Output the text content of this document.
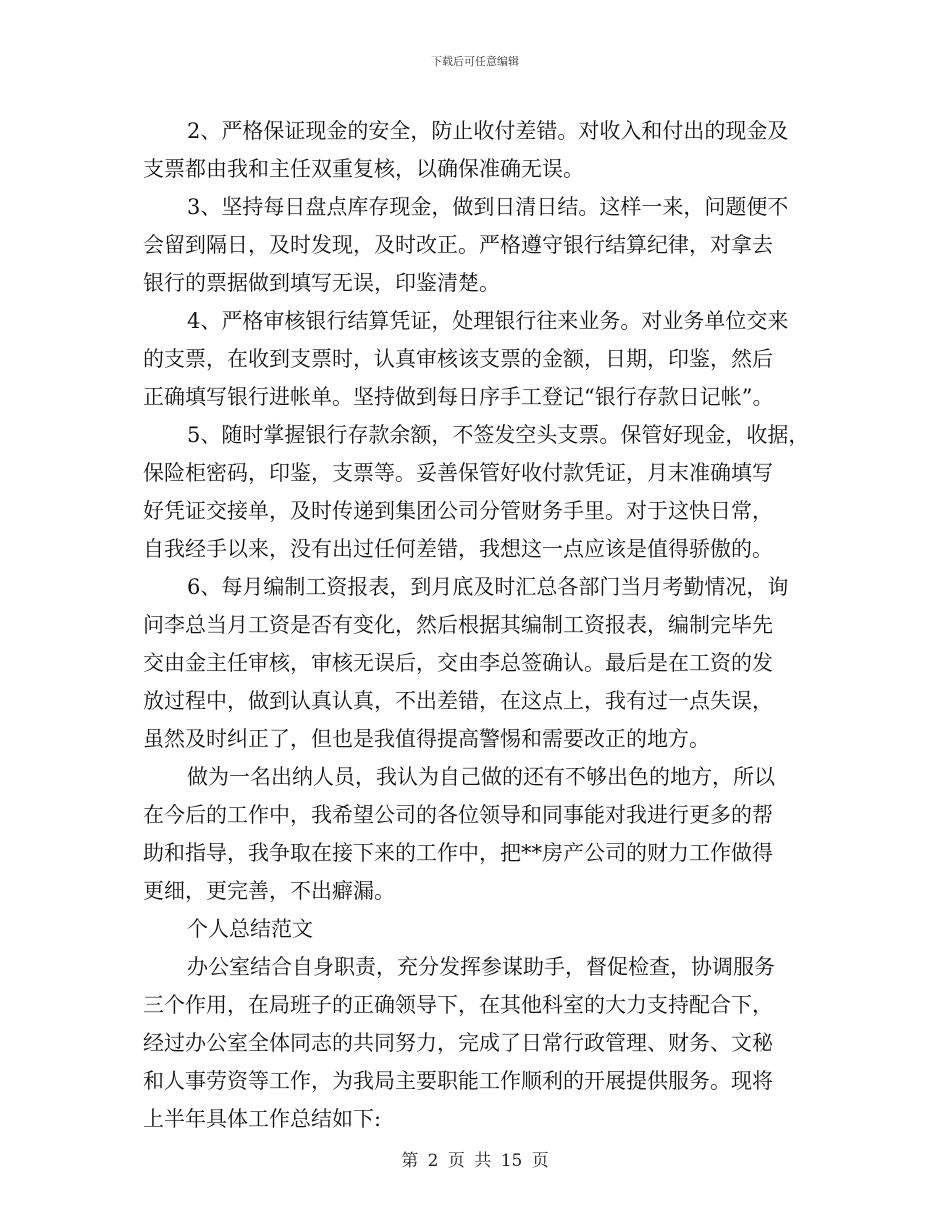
下载后可任意编辑
2、严格保证现金的安全，防止收付差错。对收入和付出的现金及
支票都由我和主任双重复核，以确保准确无误。
3、坚持每日盘点库存现金，做到日清日结。这样一来，问题便不
会留到隔日，及时发现，及时改正。严格遵守银行结算纪律，对拿去
银行的票据做到填写无误，印鉴清楚。
4、严格审核银行结算凭证，处理银行往来业务。对业务单位交来
的支票，在收到支票时，认真审核该支票的金额，日期，印鉴，然后
正确填写银行进帐单。坚持做到每日序手工登记“银行存款日记帐”。
5、随时掌握银行存款余额，不签发空头支票。保管好现金，收据，
保险柜密码，印鉴，支票等。妥善保管好收付款凭证，月末准确填写
好凭证交接单，及时传递到集团公司分管财务手里。对于这快日常，
自我经手以来，没有出过任何差错，我想这一点应该是值得骄傲的。
6、每月编制工资报表，到月底及时汇总各部门当月考勤情况，询
问李总当月工资是否有变化，然后根据其编制工资报表，编制完毕先
交由金主任审核，审核无误后，交由李总签确认。最后是在工资的发
放过程中，做到认真认真，不出差错，在这点上，我有过一点失误，
虽然及时纠正了，但也是我值得提高警惕和需要改正的地方。
做为一名出纳人员，我认为自己做的还有不够出色的地方，所以
在今后的工作中，我希望公司的各位领导和同事能对我进行更多的帮
助和指导，我争取在接下来的工作中，把**房产公司的财力工作做得
更细，更完善，不出癖漏。
个人总结范文
办公室结合自身职责，充分发挥参谋助手，督促检查，协调服务
三个作用，在局班子的正确领导下，在其他科室的大力支持配合下，
经过办公室全体同志的共同努力，完成了日常行政管理、财务、文秘
和人事劳资等工作，为我局主要职能工作顺利的开展提供服务。现将
上半年具体工作总结如下:
第 2 页 共 15 页
